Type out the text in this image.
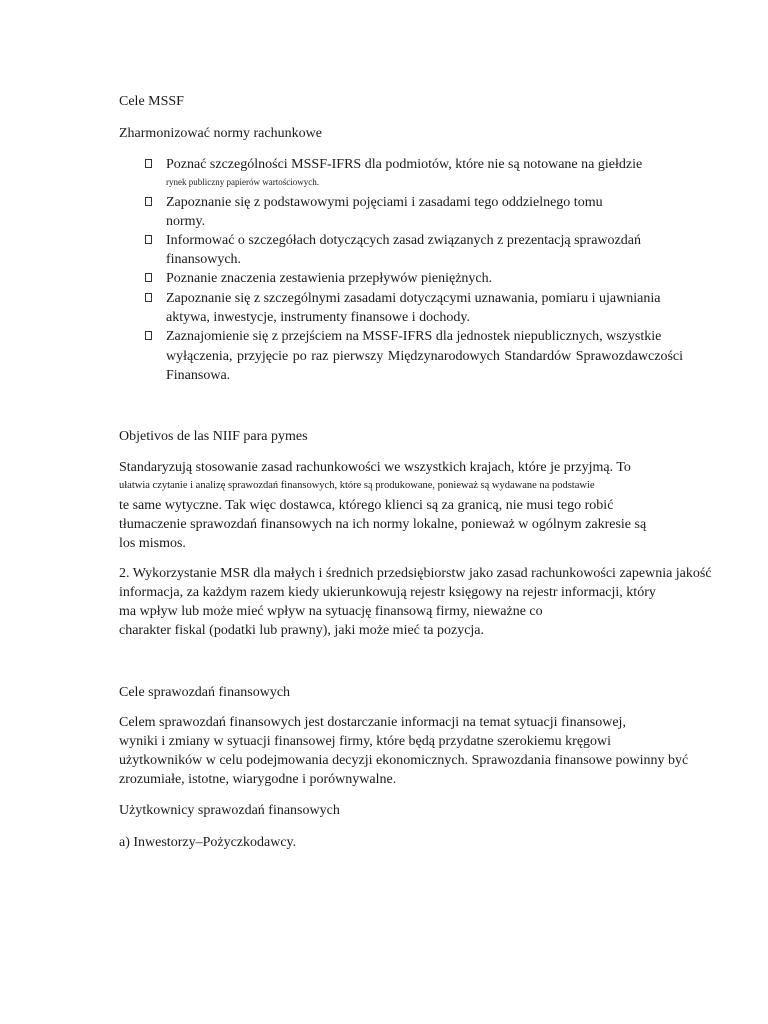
Cele MSSF
Zharmonizować normy rachunkowe
Poznać szczególności MSSF-IFRS dla podmiotów, które nie są notowane na giełdzie
rynek publiczny papierów wartościowych.
Zapoznanie się z podstawowymi pojęciami i zasadami tego oddzielnego tomu
normy.
Informować o szczegółach dotyczących zasad związanych z prezentacją sprawozdań
finansowych.
Poznanie znaczenia zestawienia przepływów pieniężnych.
Zapoznanie się z szczególnymi zasadami dotyczącymi uznawania, pomiaru i ujawniania
aktywa, inwestycje, instrumenty finansowe i dochody.
Zaznajomienie się z przejściem na MSSF-IFRS dla jednostek niepublicznych, wszystkie
wyłączenia, przyjęcie po raz pierwszy Międzynarodowych Standardów Sprawozdawczości
Finansowa.
Objetivos de las NIIF para pymes
Standaryzują stosowanie zasad rachunkowości we wszystkich krajach, które je przyjmą. To
ułatwia czytanie i analizę sprawozdań finansowych, które są produkowane, ponieważ są wydawane na podstawie
te same wytyczne. Tak więc dostawca, którego klienci są za granicą, nie musi tego robić
tłumaczenie sprawozdań finansowych na ich normy lokalne, ponieważ w ogólnym zakresie są
los mismos.
2. Wykorzystanie MSR dla małych i średnich przedsiębiorstw jako zasad rachunkowości zapewnia jakość
informacja, za każdym razem kiedy ukierunkowują rejestr księgowy na rejestr informacji, który
ma wpływ lub może mieć wpływ na sytuację finansową firmy, nieważne co
charakter fiskal (podatki lub prawny), jaki może mieć ta pozycja.
Cele sprawozdań finansowych
Celem sprawozdań finansowych jest dostarczanie informacji na temat sytuacji finansowej,
wyniki i zmiany w sytuacji finansowej firmy, które będą przydatne szerokiemu kręgowi
użytkowników w celu podejmowania decyzji ekonomicznych. Sprawozdania finansowe powinny być
zrozumiałe, istotne, wiarygodne i porównywalne.
Użytkownicy sprawozdań finansowych
a) Inwestorzy–Pożyczkodawcy.
